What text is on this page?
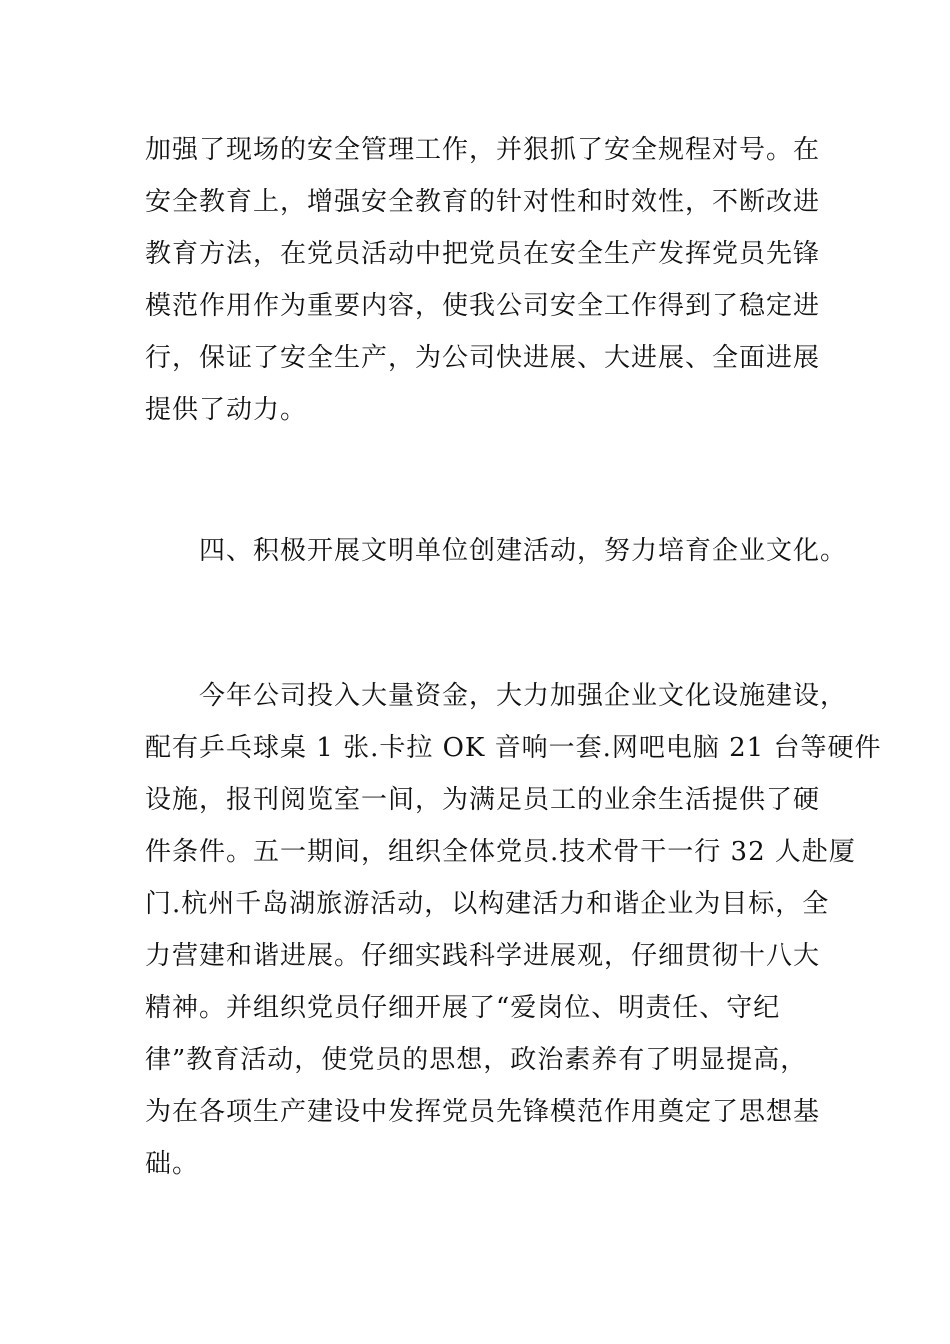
加强了现场的安全管理工作，并狠抓了安全规程对号。在
安全教育上，增强安全教育的针对性和时效性，不断改进
教育方法，在党员活动中把党员在安全生产发挥党员先锋
模范作用作为重要内容，使我公司安全工作得到了稳定进
行，保证了安全生产，为公司快进展、大进展、全面进展
提供了动力。
四、积极开展文明单位创建活动，努力培育企业文化。
今年公司投入大量资金，大力加强企业文化设施建设，
配有乒乓球桌 1 张.卡拉 OK 音响一套.网吧电脑 21 台等硬件
设施，报刊阅览室一间，为满足员工的业余生活提供了硬
件条件。五一期间，组织全体党员.技术骨干一行 32 人赴厦
门.杭州千岛湖旅游活动，以构建活力和谐企业为目标，全
力营建和谐进展。仔细实践科学进展观，仔细贯彻十八大
精神。并组织党员仔细开展了“爱岗位、明责任、守纪
律”教育活动，使党员的思想，政治素养有了明显提高，
为在各项生产建设中发挥党员先锋模范作用奠定了思想基
础。
